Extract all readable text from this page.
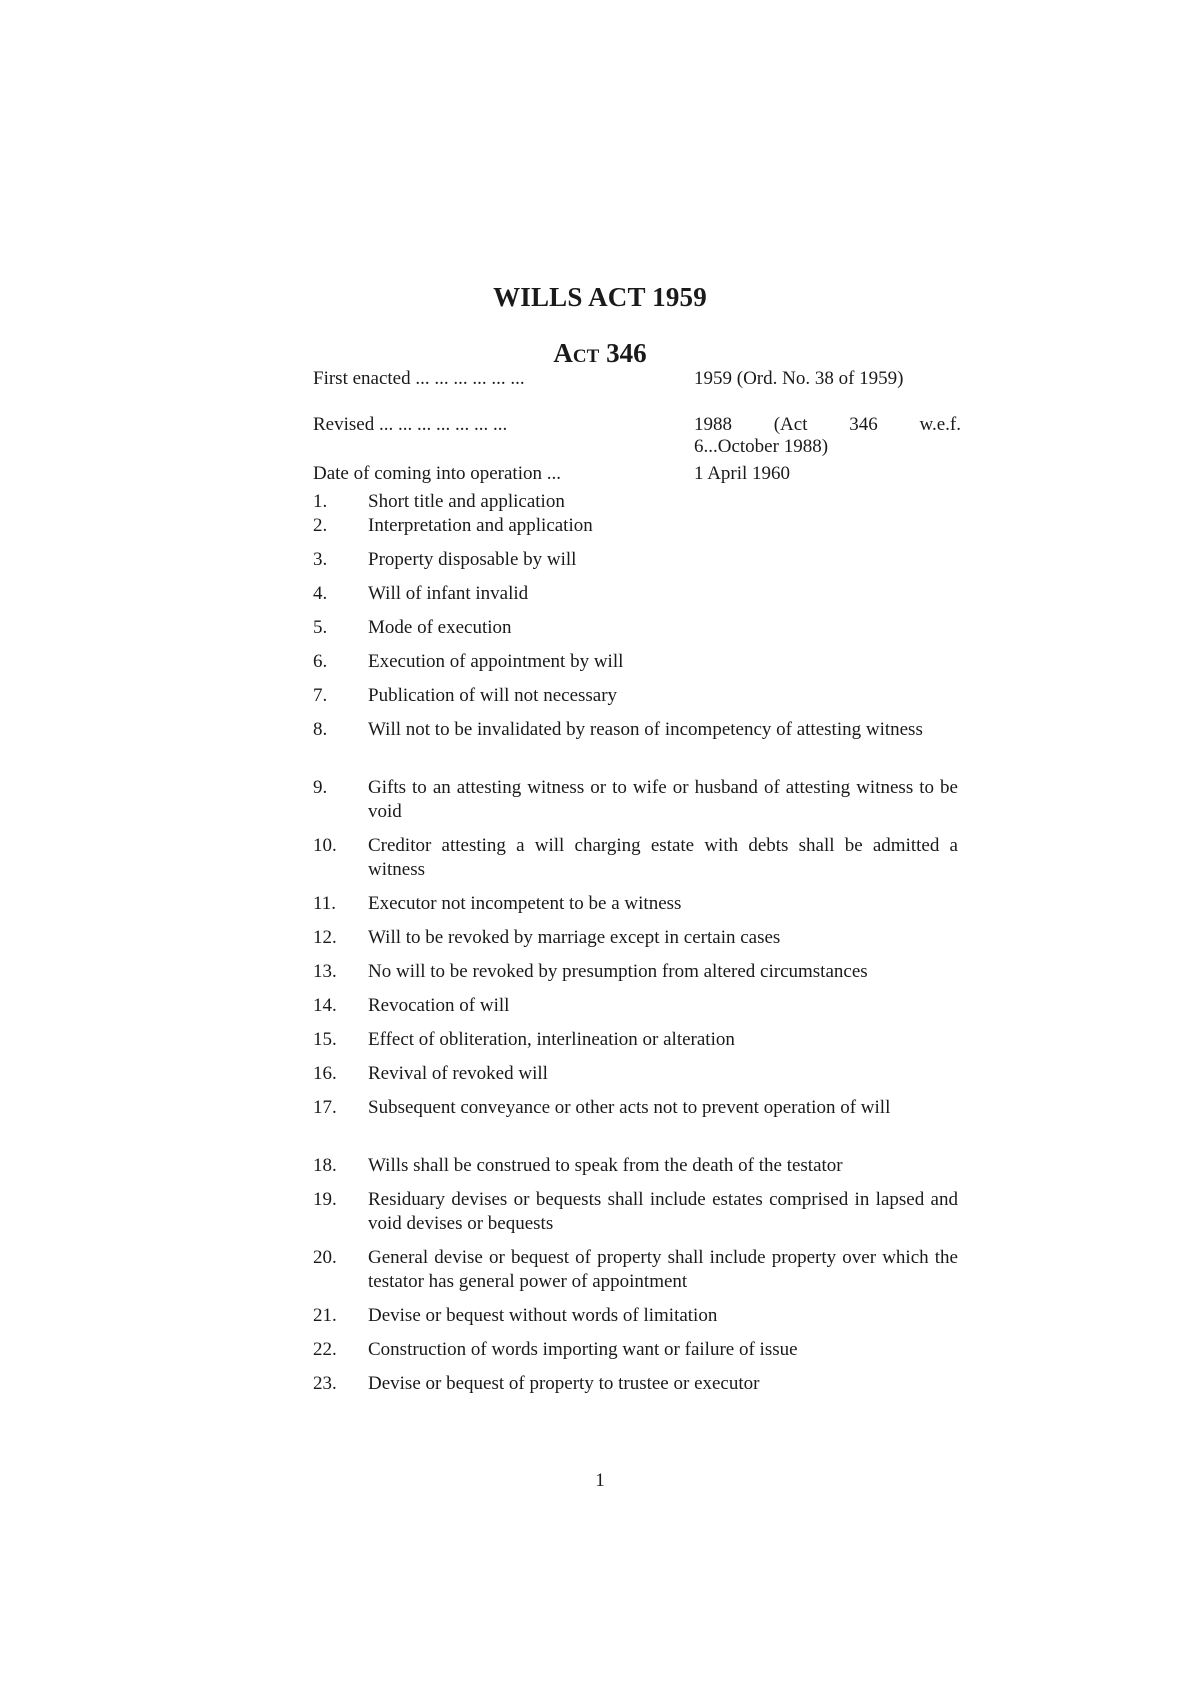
WILLS ACT 1959
Act 346
First enacted ... ... ... ... ... ...	1959 (Ord. No. 38 of 1959)
Revised ... ... ... ... ... ... ...	1988 (Act 346 w.e.f.
6...October 1988)
Date of coming into operation ...	1 April 1960
1.	Short title and application
2.	Interpretation and application
3.	Property disposable by will
4.	Will of infant invalid
5.	Mode of execution
6.	Execution of appointment by will
7.	Publication of will not necessary
8.	Will not to be invalidated by reason of incompetency of attesting witness
9.	Gifts to an attesting witness or to wife or husband of attesting witness to be void
10.	Creditor attesting a will charging estate with debts shall be admitted a witness
11.	Executor not incompetent to be a witness
12.	Will to be revoked by marriage except in certain cases
13.	No will to be revoked by presumption from altered circumstances
14.	Revocation of will
15.	Effect of obliteration, interlineation or alteration
16.	Revival of revoked will
17.	Subsequent conveyance or other acts not to prevent operation of will
18.	Wills shall be construed to speak from the death of the testator
19.	Residuary devises or bequests shall include estates comprised in lapsed and void devises or bequests
20.	General devise or bequest of property shall include property over which the testator has general power of appointment
21.	Devise or bequest without words of limitation
22.	Construction of words importing want or failure of issue
23.	Devise or bequest of property to trustee or executor
1
